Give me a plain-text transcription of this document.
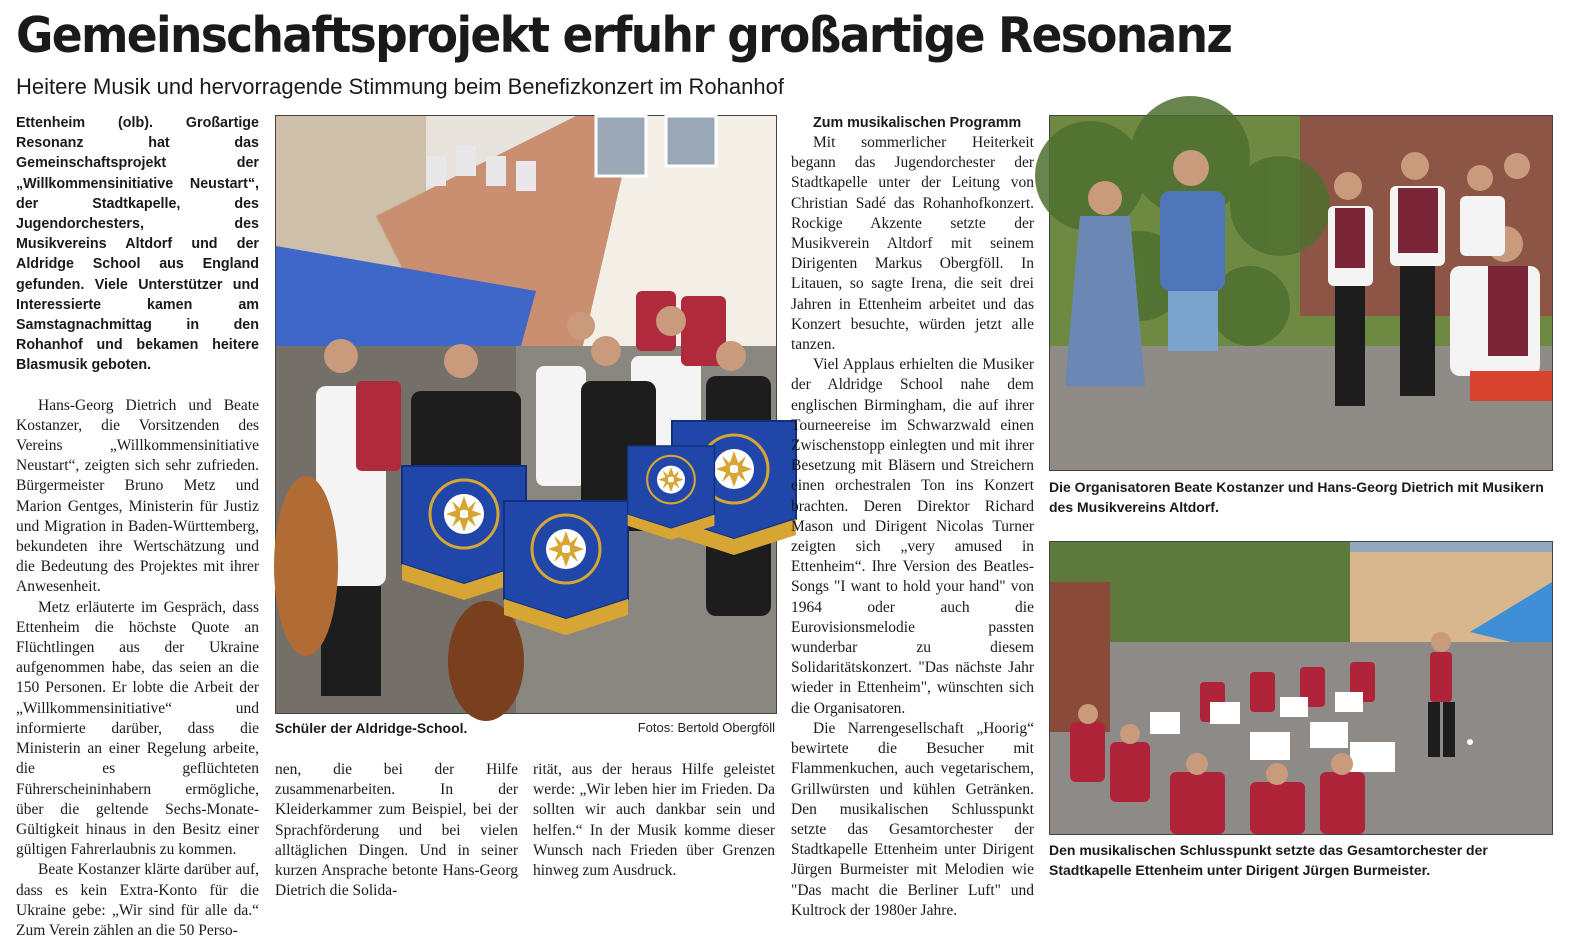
Gemeinschaftsprojekt erfuhr großartige Resonanz
Heitere Musik und hervorragende Stimmung beim Benefizkonzert im Rohanhof

Ettenheim (olb). Großartige Resonanz hat das Gemeinschaftsprojekt der „Willkommensinitiative Neustart“, der Stadtkapelle, des Jugendorchesters, des Musikvereins Altdorf und der Aldridge School aus England gefunden. Viele Unterstützer und Interessierte kamen am Samstagnachmittag in den Rohanhof und bekamen heitere Blasmusik geboten.

Hans-Georg Dietrich und Beate Kostanzer, die Vorsitzenden des Vereins „Willkommensinitiative Neustart“, zeigten sich sehr zufrieden. Bürgermeister Bruno Metz und Marion Gentges, Ministerin für Justiz und Migration in Baden-Württemberg, bekundeten ihre Wertschätzung und die Bedeutung des Projektes mit ihrer Anwesenheit.

Metz erläuterte im Gespräch, dass Ettenheim die höchste Quote an Flüchtlingen aus der Ukraine aufgenommen habe, das seien an die 150 Personen. Er lobte die Arbeit der „Willkommensinitiative“ und informierte darüber, dass die Ministerin an einer Regelung arbeite, die es geflüchteten Führerscheininhabern ermögliche, über die geltende Sechs-Monate-Gültigkeit hinaus in den Besitz einer gültigen Fahrerlaubnis zu kommen.

Beate Kostanzer klärte darüber auf, dass es kein Extra-Konto für die Ukraine gebe: „Wir sind für alle da.“ Zum Verein zählen an die 50 Perso-

Schüler der Aldridge-School.	Fotos: Bertold Obergföll

nen, die bei der Hilfe zusammenarbeiten. In der Kleiderkammer zum Beispiel, bei der Sprachförderung und bei vielen alltäglichen Dingen. Und in seiner kurzen Ansprache betonte Hans-Georg Dietrich die Solida-

rität, aus der heraus Hilfe geleistet werde: „Wir leben hier im Frieden. Da sollten wir auch dankbar sein und helfen.“ In der Musik komme dieser Wunsch nach Frieden über Grenzen hinweg zum Ausdruck.

Zum musikalischen Programm

Mit sommerlicher Heiterkeit begann das Jugendorchester der Stadtkapelle unter der Leitung von Christian Sadé das Rohanhofkonzert. Rockige Akzente setzte der Musikverein Altdorf mit seinem Dirigenten Markus Obergföll. In Litauen, so sagte Irena, die seit drei Jahren in Ettenheim arbeitet und das Konzert besuchte, würden jetzt alle tanzen.

Viel Applaus erhielten die Musiker der Aldridge School nahe dem englischen Birmingham, die auf ihrer Tourneereise im Schwarzwald einen Zwischenstopp einlegten und mit ihrer Besetzung mit Bläsern und Streichern einen orchestralen Ton ins Konzert brachten. Deren Direktor Richard Mason und Dirigent Nicolas Turner zeigten sich „very amused in Ettenheim“. Ihre Version des Beatles-Songs "I want to hold your hand" von 1964 oder auch die Eurovisionsmelodie passten wunderbar zu diesem Solidaritätskonzert. "Das nächste Jahr wieder in Ettenheim", wünschten sich die Organisatoren.

Die Narrengesellschaft „Hoorig“ bewirtete die Besucher mit Flammenkuchen, auch vegetarischem, Grillwürsten und kühlen Getränken. Den musikalischen Schlusspunkt setzte das Gesamtorchester der Stadtkapelle Ettenheim unter Dirigent Jürgen Burmeister mit Melodien wie "Das macht die Berliner Luft" und Kultrock der 1980er Jahre.

Die Organisatoren Beate Kostanzer und Hans-Georg Dietrich mit Musikern des Musikvereins Altdorf.
Den musikalischen Schlusspunkt setzte das Gesamtorchester der Stadtkapelle Ettenheim unter Dirigent Jürgen Burmeister.
